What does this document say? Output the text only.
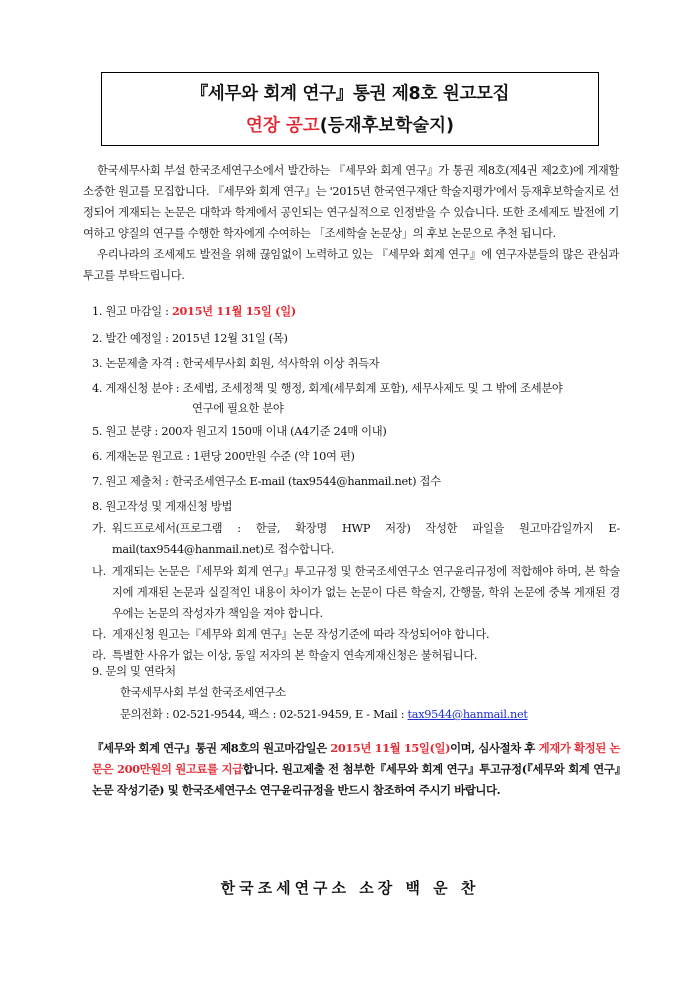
『세무와 회계 연구』통권 제8호 원고모집
연장 공고(등재후보학술지)

한국세무사회 부설 한국조세연구소에서 발간하는 『세무와 회계 연구』가 통권 제8호(제4권 제2호)에 게재할 소중한 원고를 모집합니다. 『세무와 회계 연구』는 '2015년 한국연구재단 학술지평가'에서 등재후보학술지로 선정되어 게재되는 논문은 대학과 학계에서 공인되는 연구실적으로 인정받을 수 있습니다. 또한 조세제도 발전에 기여하고 양질의 연구를 수행한 학자에게 수여하는 「조세학술 논문상」의 후보 논문으로 추천 됩니다.

우리나라의 조세제도 발전을 위해 끊임없이 노력하고 있는 『세무와 회계 연구』에 연구자분들의 많은 관심과 투고를 부탁드립니다.

1. 원고 마감일 : 2015년 11월 15일 (일)
2. 발간 예정일 : 2015년 12월 31일 (목)
3. 논문제출 자격 : 한국세무사회 회원, 석사학위 이상 취득자
4. 게재신청 분야 : 조세법, 조세정책 및 행정, 회계(세무회계 포함), 세무사제도 및 그 밖에 조세분야
연구에 필요한 분야
5. 원고 분량 : 200자 원고지 150매 이내 (A4기준 24매 이내)
6. 게재논문 원고료 : 1편당 200만원 수준 (약 10여 편)
7. 원고 제출처 : 한국조세연구소 E-mail (tax9544@hanmail.net) 접수
8. 원고작성 및 게재신청 방법
가. 워드프로세서(프로그램 : 한글, 확장명 HWP 저장) 작성한 파일을 원고마감일까지 E-mail(tax9544@hanmail.net)로 접수합니다.
나. 게재되는 논문은『세무와 회계 연구』투고규정 및 한국조세연구소 연구윤리규정에 적합해야 하며, 본 학술지에 게재된 논문과 실질적인 내용이 차이가 없는 논문이 다른 학술지, 간행물, 학위 논문에 중복 게재된 경우에는 논문의 작성자가 책임을 져야 합니다.
다. 게재신청 원고는『세무와 회계 연구』논문 작성기준에 따라 작성되어야 합니다.
라. 특별한 사유가 없는 이상, 동일 저자의 본 학술지 연속게재신청은 불허됩니다.
9. 문의 및 연락처
한국세무사회 부설 한국조세연구소
문의전화 : 02-521-9544, 팩스 : 02-521-9459, E - Mail : tax9544@hanmail.net
『세무와 회계 연구』통권 제8호의 원고마감일은 2015년 11월 15일(일)이며, 심사절차 후 게재가 확정된 논문은 200만원의 원고료를 지급합니다. 원고제출 전 첨부한『세무와 회계 연구』투고규정(『세무와 회계 연구』논문 작성기준) 및 한국조세연구소 연구윤리규정을 반드시 참조하여 주시기 바랍니다.
한국조세연구소 소장 백 운 찬
